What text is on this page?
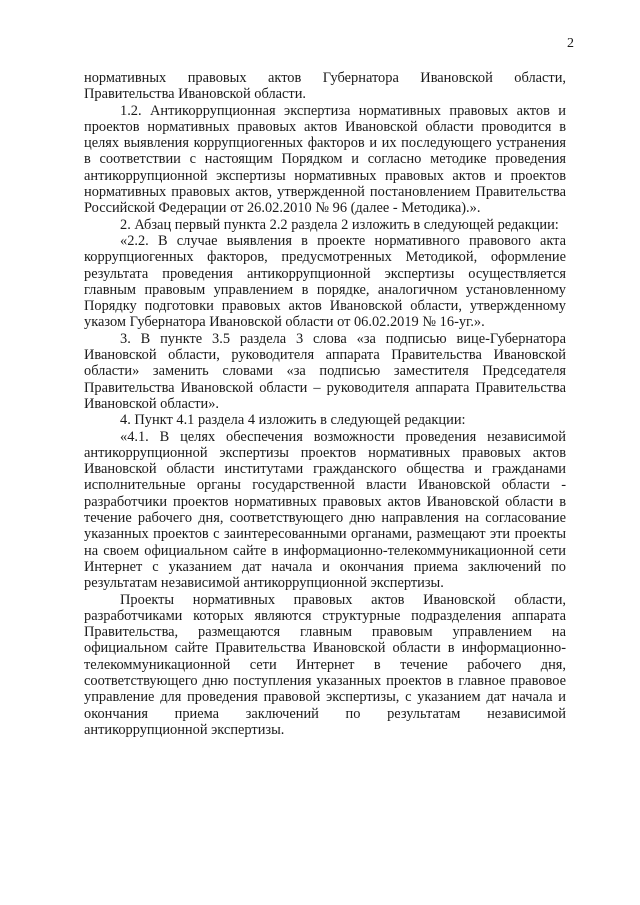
2

нормативных правовых актов Губернатора Ивановской области, Правительства Ивановской области.

1.2. Антикоррупционная экспертиза нормативных правовых актов и проектов нормативных правовых актов Ивановской области проводится в целях выявления коррупциогенных факторов и их последующего устранения в соответствии с настоящим Порядком и согласно методике проведения антикоррупционной экспертизы нормативных правовых актов и проектов нормативных правовых актов, утвержденной постановлением Правительства Российской Федерации от 26.02.2010 № 96 (далее - Методика).».

2. Абзац первый пункта 2.2 раздела 2 изложить в следующей редакции:

«2.2. В случае выявления в проекте нормативного правового акта коррупциогенных факторов, предусмотренных Методикой, оформление результата проведения антикоррупционной экспертизы осуществляется главным правовым управлением в порядке, аналогичном установленному Порядку подготовки правовых актов Ивановской области, утвержденному указом Губернатора Ивановской области от 06.02.2019 № 16-уг.».

3. В пункте 3.5 раздела 3 слова «за подписью вице-Губернатора Ивановской области, руководителя аппарата Правительства Ивановской области» заменить словами «за подписью заместителя Председателя Правительства Ивановской области – руководителя аппарата Правительства Ивановской области».

4. Пункт 4.1 раздела 4 изложить в следующей редакции:

«4.1. В целях обеспечения возможности проведения независимой антикоррупционной экспертизы проектов нормативных правовых актов Ивановской области институтами гражданского общества и гражданами исполнительные органы государственной власти Ивановской области - разработчики проектов нормативных правовых актов Ивановской области в течение рабочего дня, соответствующего дню направления на согласование указанных проектов с заинтересованными органами, размещают эти проекты на своем официальном сайте в информационно-телекоммуникационной сети Интернет с указанием дат начала и окончания приема заключений по результатам независимой антикоррупционной экспертизы.

Проекты нормативных правовых актов Ивановской области, разработчиками которых являются структурные подразделения аппарата Правительства, размещаются главным правовым управлением на официальном сайте Правительства Ивановской области в информационно-телекоммуникационной сети Интернет в течение рабочего дня, соответствующего дню поступления указанных проектов в главное правовое управление для проведения правовой экспертизы, с указанием дат начала и окончания приема заключений по результатам независимой антикоррупционной экспертизы.
